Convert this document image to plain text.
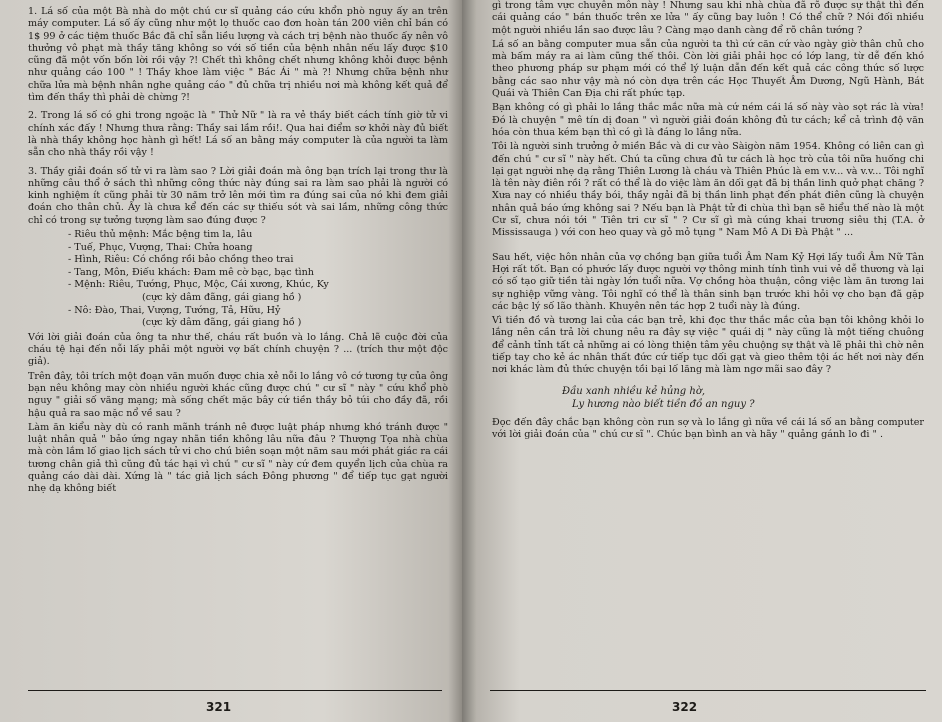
1. Lá số của một Bà nhà do một chú cư sĩ quảng cáo cứu khổn phò nguy ấy an trên máy computer. Lá số ấy cũng như một lọ thuốc cao đơn hoàn tán 200 viên chỉ bán có 1$ 99 ở các tiệm thuốc Bắc đã chỉ sẵn liều lượng và cách trị bệnh nào thuốc ấy nên vô thưởng vô phạt mà thầy tăng không so với số tiền của bệnh nhân nếu lấy được $10 cũng đã một vốn bốn lời rồi vậy ?! Chết thì không chết nhưng không khỏi được bệnh như quảng cáo 100 " ! Thầy khoe làm việc " Bác Ái " mà ?! Nhưng chữa bệnh như chữa lửa mà bệnh nhân nghe quảng cáo " đủ chữa trị nhiều nơi mà không kết quả để tìm đến thầy thì phải dè chừng ?!

2. Trong lá số có ghi trong ngoặc là " Thử Nữ " là ra vẻ thầy biết cách tính giờ tử vi chính xác đấy ! Nhưng thưa rằng: Thầy sai lầm rồi!. Qua hai điểm sơ khởi này đủ biết là nhà thầy không học hành gì hết! Lá số an bằng máy computer là của người ta làm sẵn cho nhà thầy rồi vậy !

3. Thầy giải đoán số tử vi ra làm sao ? Lời giải đoán mà ông bạn trích lại trong thư là những câu thổ ở sách thì những công thức này đúng sai ra làm sao phải là người có kinh nghiệm ít cũng phải từ 30 năm trở lên mới tìm ra đúng sai của nó khi đem giải đoán cho thân chủ. Ấy là chưa kể đến các sự thiếu sót và sai lầm, những công thức chỉ có trong sự tưởng tượng làm sao đúng được ?

- Riêu thủ mệnh: Mắc bệng tim la, lâu
- Tuế, Phục, Vượng, Thai: Chửa hoang
- Hình, Riêu: Có chồng rồi bảo chồng theo trai
- Tang, Môn, Điếu khách: Đam mê cờ bạc, bạc tình
- Mệnh: Riêu, Tướng, Phục, Mộc, Cái xương, Khúc, Ky
(cực kỳ dâm đãng, gái giang hồ )
- Nô: Đào, Thai, Vượng, Tướng, Tả, Hữu, Hỷ
(cực kỳ dâm đãng, gái giang hồ )

Với lời giải đoán của ông ta như thế, cháu rất buồn và lo lắng. Chả lẽ cuộc đời của cháu tệ hại đến nỗi lấy phải một người vợ bất chính chuyện ? ... (trích thư một độc giả).

Trên đây, tôi trích một đoạn văn muốn được chia xẻ nỗi lo lắng vô cớ tương tự của ông bạn nêu không may còn nhiều người khác cũng được chú " cư sĩ " này " cứu khổ phò nguy " giải số văng mạng; mà sống chết mặc bây cứ tiền thầy bỏ túi cho đầy đã, rồi hậu quả ra sao mặc nổ về sau ?

Làm ăn kiểu này dù có ranh mãnh tránh nê được luật pháp nhưng khó tránh được " luật nhân quả " bảo ứng ngay nhãn tiền không lâu nữa đâu ? Thượng Tọa nhà chùa mà còn lắm lố giao lịch sách tử vi cho chú biên soạn một năm sau mới phát giác ra cái tương chân giả thì cũng đủ tác hại vì chú " cư sĩ " này cứ đem quyển lịch của chùa ra quảng cáo dài dài. Xứng là " tác giả lịch sách Đông phương " để tiếp tục gạt người nhẹ dạ không biết

321

gì trong tâm vực chuyên môn này ! Nhưng sau khi nhà chùa đã rõ được sự thật thì đến cái quảng cáo " bán thuốc trên xe lửa " ấy cũng bay luôn ! Có thể chữ ? Nói đối nhiều một người nhiều lần sao được lâu ? Càng mạo danh càng để rõ chân tướng ?

Lá số an bằng computer mua sẵn của người ta thì cứ căn cứ vào ngày giờ thân chủ cho mà bấm máy ra ai làm cũng thế thôi. Còn lời giải phải học có lớp lang, từ dễ đến khó theo phương pháp sư phạm mới có thể lý luận dẫn đến kết quả các công thức số lược bằng các sao như vậy mà nó còn dựa trên các Học Thuyết Âm Dương, Ngũ Hành, Bát Quái và Thiên Can Địa chi rất phức tạp.

Bạn không có gì phải lo lắng thắc mắc nữa mà cứ ném cái lá số này vào sọt rác là vừa! Đó là chuyện " mê tín dị đoan " vì người giải đoán không đủ tư cách; kể cả trình độ văn hóa còn thua kém bạn thì có gì là đáng lo lắng nữa.

Tôi là người sinh trưởng ở miền Bắc và di cư vào Sàigòn năm 1954. Không có liên can gì đến chú " cư sĩ " này hết. Chú ta cũng chưa đủ tư cách là học trò của tôi nữa huống chi lại gạt người nhẹ dạ rằng Thiên Lương là cháu và Thiên Phúc là em v.v... và v.v... Tôi nghĩ là tên này điên rồi ? rất có thể là do việc làm ăn dối gạt đã bị thần linh quở phạt chăng ? Xưa nay có nhiều thầy bói, thầy ngải đã bị thần linh phạt đến phát điên cũng là chuyện nhân quả báo ứng không sai ? Nếu bạn là Phật tử đi chùa thì bạn sẽ hiểu thế nào là một Cư sĩ, chưa nói tới " Tiên tri cư sĩ " ? Cư sĩ gì mà cúng khai trương siêu thị (T.A. ở Mississauga ) với con heo quay và gỏ mỏ tụng " Nam Mô A Di Đà Phật " ...

Sau hết, việc hôn nhân của vợ chồng bạn giữa tuổi Âm Nam Kỷ Hợi lấy tuổi Âm Nữ Tân Hợi rất tốt. Bạn có phước lấy được người vợ thông minh tính tình vui vẻ dễ thương và lại có số tạo giữ tiền tài ngày lớn tuổi nữa. Vợ chồng hòa thuận, công việc làm ăn tương lai sự nghiệp vững vàng. Tôi nghĩ có thể là thân sinh bạn trước khi hỏi vợ cho bạn đã gặp các bậc lý số lão thành. Khuyên nên tác hợp 2 tuổi này là đúng.

Vì tiền đồ và tương lai của các bạn trẻ, khi đọc thư thắc mắc của bạn tôi không khỏi lo lắng nên cần trả lời chung nêu ra đây sự việc " quái dị " này cũng là một tiếng chuông để cảnh tỉnh tất cả những ai có lòng thiện tâm yêu chuộng sự thật và lẽ phải thì chờ nên tiếp tay cho kẻ ác nhân thất đức cứ tiếp tục dối gạt và gieo thêm tội ác hết nơi này đến nơi khác làm đủ thức chuyện tồi bại lố lăng mà làm ngơ mãi sao đây ?

Đầu xanh nhiều kẻ hủng hờ,
Ly hương nào biết tiền đồ an nguy ?

Đọc đến đây chắc bạn không còn run sợ và lo lắng gì nữa về cái lá số an bằng computer với lời giải đoán của " chú cư sĩ ". Chúc bạn bình an và hãy " quảng gánh lo đi " .

322
